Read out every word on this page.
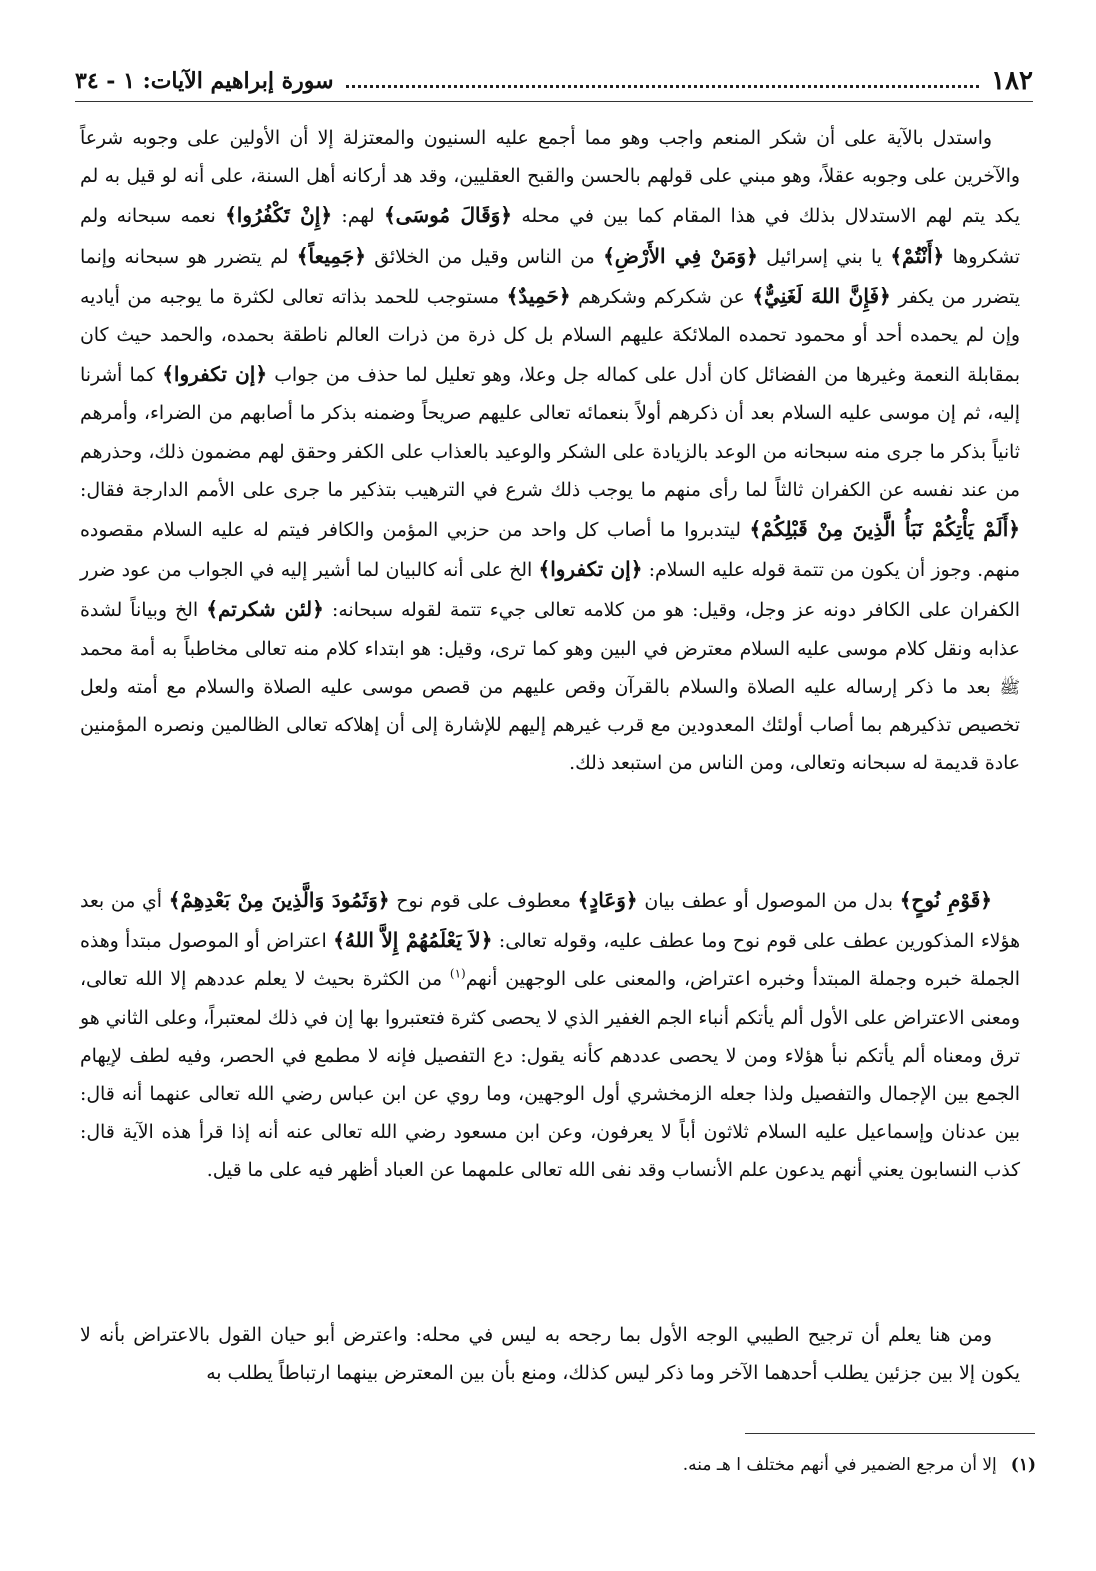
١٨٢
سورة إبراهيم الآيات: ١ - ٣٤

واستدل بالآية على أن شكر المنعم واجب وهو مما أجمع عليه السنيون والمعتزلة إلا أن الأولين على وجوبه شرعاً والآخرين على وجوبه عقلاً، وهو مبني على قولهم بالحسن والقبح العقليين، وقد هد أركانه أهل السنة، على أنه لو قيل به لم يكد يتم لهم الاستدلال بذلك في هذا المقام كما بين في محله ﴿وَقَالَ مُوسَى﴾ لهم: ﴿إِنْ تَكْفُرُوا﴾ نعمه سبحانه ولم تشكروها ﴿أَنْتُمْ﴾ يا بني إسرائيل ﴿وَمَنْ فِي الأَرْضِ﴾ من الناس وقيل من الخلائق ﴿جَمِيعاً﴾ لم يتضرر هو سبحانه وإنما يتضرر من يكفر ﴿فَإِنَّ اللهَ لَغَنِيٌّ﴾ عن شكركم وشكرهم ﴿حَمِيدٌ﴾ مستوجب للحمد بذاته تعالى لكثرة ما يوجبه من أياديه وإن لم يحمده أحد أو محمود تحمده الملائكة عليهم السلام بل كل ذرة من ذرات العالم ناطقة بحمده، والحمد حيث كان بمقابلة النعمة وغيرها من الفضائل كان أدل على كماله جل وعلا، وهو تعليل لما حذف من جواب ﴿إن تكفروا﴾ كما أشرنا إليه، ثم إن موسى عليه السلام بعد أن ذكرهم أولاً بنعمائه تعالى عليهم صريحاً وضمنه بذكر ما أصابهم من الضراء، وأمرهم ثانياً بذكر ما جرى منه سبحانه من الوعد بالزيادة على الشكر والوعيد بالعذاب على الكفر وحقق لهم مضمون ذلك، وحذرهم من عند نفسه عن الكفران ثالثاً لما رأى منهم ما يوجب ذلك شرع في الترهيب بتذكير ما جرى على الأمم الدارجة فقال: ﴿أَلَمْ يَأْتِكُمْ نَبَأُ الَّذِينَ مِنْ قَبْلِكُمْ﴾ ليتدبروا ما أصاب كل واحد من حزبي المؤمن والكافر فيتم له عليه السلام مقصوده منهم. وجوز أن يكون من تتمة قوله عليه السلام: ﴿إن تكفروا﴾ الخ على أنه كالبيان لما أشير إليه في الجواب من عود ضرر الكفران على الكافر دونه عز وجل، وقيل: هو من كلامه تعالى جيء تتمة لقوله سبحانه: ﴿لئن شكرتم﴾ الخ وبياناً لشدة عذابه ونقل كلام موسى عليه السلام معترض في البين وهو كما ترى، وقيل: هو ابتداء كلام منه تعالى مخاطباً به أمة محمد ﷺ بعد ما ذكر إرساله عليه الصلاة والسلام بالقرآن وقص عليهم من قصص موسى عليه الصلاة والسلام مع أمته ولعل تخصيص تذكيرهم بما أصاب أولئك المعدودين مع قرب غيرهم إليهم للإشارة إلى أن إهلاكه تعالى الظالمين ونصره المؤمنين عادة قديمة له سبحانه وتعالى، ومن الناس من استبعد ذلك.

﴿قَوْمِ نُوحٍ﴾ بدل من الموصول أو عطف بيان ﴿وَعَادٍ﴾ معطوف على قوم نوح ﴿وَثَمُودَ وَالَّذِينَ مِنْ بَعْدِهِمْ﴾ أي من بعد هؤلاء المذكورين عطف على قوم نوح وما عطف عليه، وقوله تعالى: ﴿لاَ يَعْلَمُهُمْ إِلاَّ اللهُ﴾ اعتراض أو الموصول مبتدأ وهذه الجملة خبره وجملة المبتدأ وخبره اعتراض، والمعنى على الوجهين أنهم$^{(١)}$ من الكثرة بحيث لا يعلم عددهم إلا الله تعالى، ومعنى الاعتراض على الأول ألم يأتكم أنباء الجم الغفير الذي لا يحصى كثرة فتعتبروا بها إن في ذلك لمعتبراً، وعلى الثاني هو ترق ومعناه ألم يأتكم نبأ هؤلاء ومن لا يحصى عددهم كأنه يقول: دع التفصيل فإنه لا مطمع في الحصر، وفيه لطف لإيهام الجمع بين الإجمال والتفصيل ولذا جعله الزمخشري أول الوجهين، وما روي عن ابن عباس رضي الله تعالى عنهما أنه قال: بين عدنان وإسماعيل عليه السلام ثلاثون أباً لا يعرفون، وعن ابن مسعود رضي الله تعالى عنه أنه إذا قرأ هذه الآية قال: كذب النسابون يعني أنهم يدعون علم الأنساب وقد نفى الله تعالى علمهما عن العباد أظهر فيه على ما قيل.

ومن هنا يعلم أن ترجيح الطيبي الوجه الأول بما رجحه به ليس في محله: واعترض أبو حيان القول بالاعتراض بأنه لا يكون إلا بين جزئين يطلب أحدهما الآخر وما ذكر ليس كذلك، ومنع بأن بين المعترض بينهما ارتباطاً يطلب به

(١)إلا أن مرجع الضمير في أنهم مختلف ا هـ منه.
